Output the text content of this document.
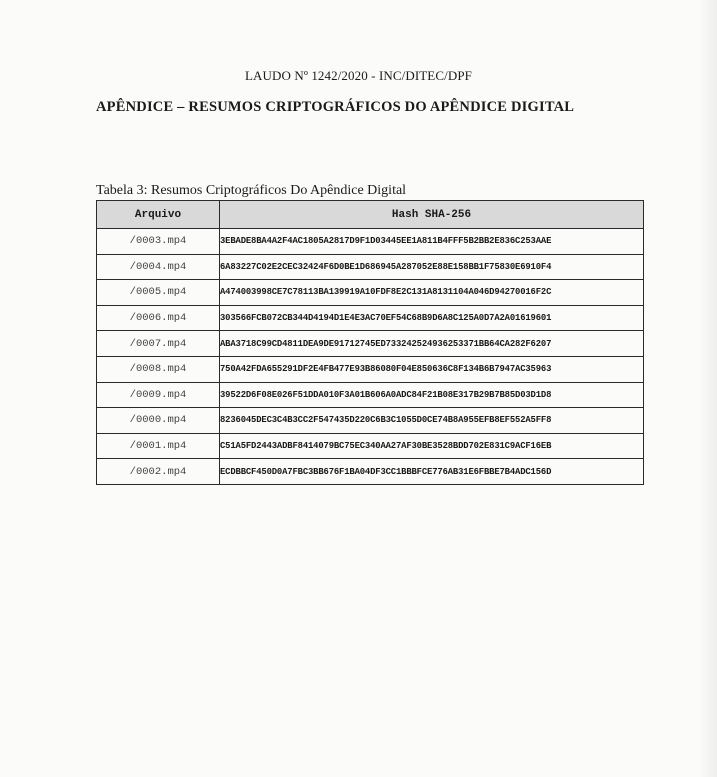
LAUDO Nº 1242/2020 - INC/DITEC/DPF
APÊNDICE – RESUMOS CRIPTOGRÁFICOS DO APÊNDICE DIGITAL
Tabela 3: Resumos Criptográficos Do Apêndice Digital
Arquivo	Hash SHA-256
/0003.mp4	3EBADE8BA4A2F4AC1805A2817D9F1D03445EE1A811B4FFF5B2BB2E836C253AAE
/0004.mp4	6A83227C02E2CEC32424F6D0BE1D686945A287052E88E158BB1F75830E6910F4
/0005.mp4	A474003998CE7C78113BA139919A10FDF8E2C131A8131104A046D94270016F2C
/0006.mp4	303566FCB072CB344D4194D1E4E3AC70EF54C68B9D6A8C125A0D7A2A01619601
/0007.mp4	ABA3718C99CD4811DEA9DE91712745ED733242524936253371BB64CA282F6207
/0008.mp4	750A42FDA655291DF2E4FB477E93B86080F04E850636C8F134B6B7947AC35963
/0009.mp4	39522D6F08E026F51DDA010F3A01B606A0ADC84F21B08E317B29B7B85D03D1D8
/0000.mp4	8236045DEC3C4B3CC2F547435D220C6B3C1055D0CE74B8A955EFB8EF552A5FF8
/0001.mp4	C51A5FD2443ADBF8414079BC75EC340AA27AF30BE3528BDD702E831C9ACF16EB
/0002.mp4	ECDBBCF450D0A7FBC3BB676F1BA04DF3CC1BBBFCE776AB31E6FBBE7B4ADC156D
